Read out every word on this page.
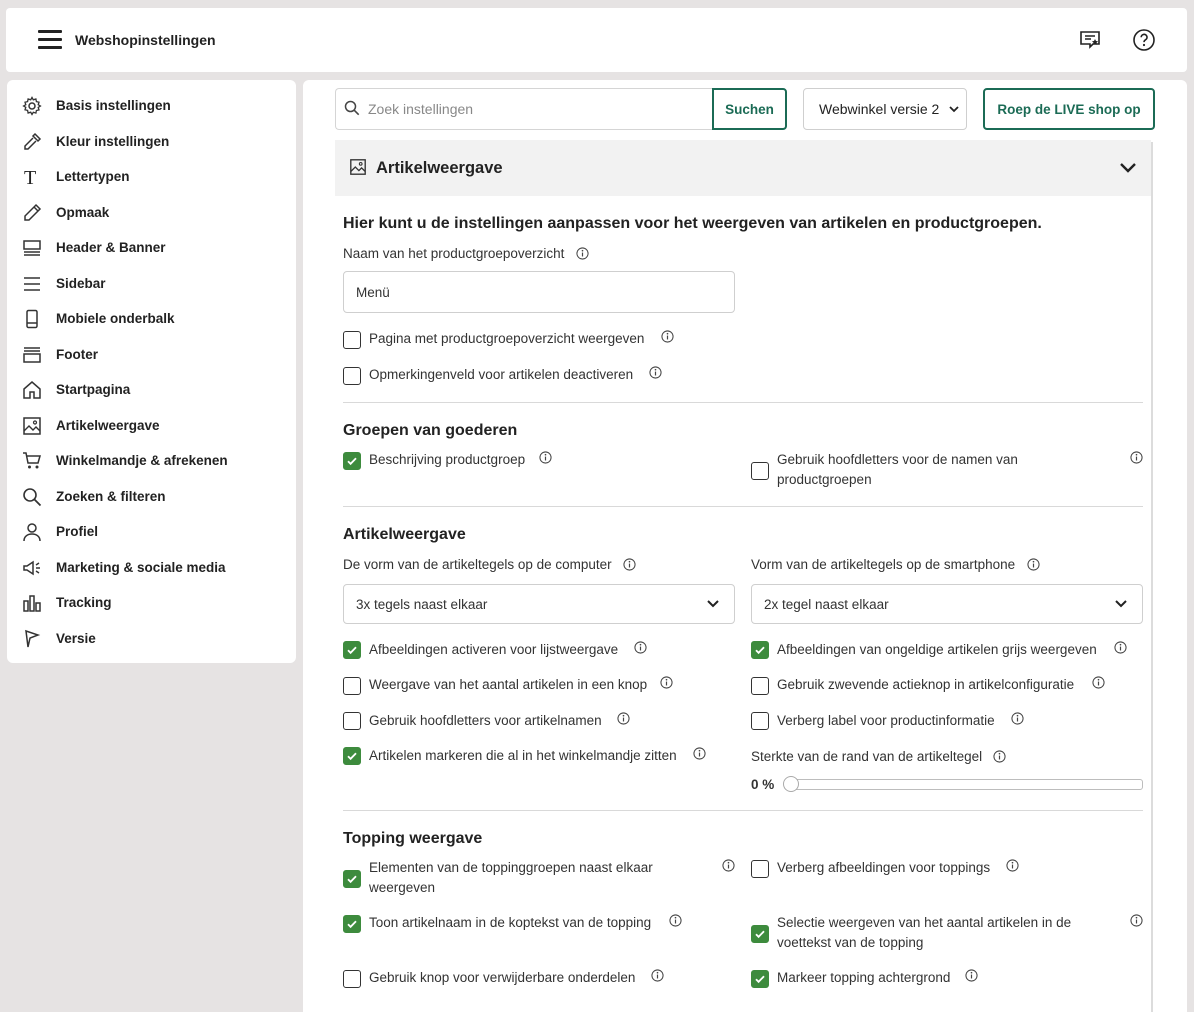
Webshopinstellingen
Basis instellingen
Kleur instellingen
T Lettertypen
Opmaak
Header & Banner
Sidebar
Mobiele onderbalk
Footer
Startpagina
Artikelweergave
Winkelmandje & afrekenen
Zoeken & filteren
Profiel
Marketing & sociale media
Tracking
Versie
Zoek instellingen
Suchen	Webwinkel versie 2	Roep de LIVE shop op
Artikelweergave
Hier kunt u de instellingen aanpassen voor het weergeven van artikelen en productgroepen.
Naam van het productgroepoverzicht
Menü
Pagina met productgroepoverzicht weergeven
Opmerkingenveld voor artikelen deactiveren
Groepen van goederen
Beschrijving productgroep	Gebruik hoofdletters voor de namen van
productgroepen
Artikelweergave
De vorm van de artikeltegels op de computer
3x tegels naast elkaar
Vorm van de artikeltegels op de smartphone
2x tegel naast elkaar
Afbeeldingen activeren voor lijstweergave
Weergave van het aantal artikelen in een knop
Gebruik hoofdletters voor artikelnamen
Artikelen markeren die al in het winkelmandje zitten
Afbeeldingen van ongeldige artikelen grijs weergeven
Gebruik zwevende actieknop in artikelconfiguratie
Verberg label voor productinformatie
Sterkte van de rand van de artikeltegel
0 %
Topping weergave
Elementen van de toppinggroepen naast elkaar
weergeven
Toon artikelnaam in de koptekst van de topping
Gebruik knop voor verwijderbare onderdelen
Verberg afbeeldingen voor toppings
Selectie weergeven van het aantal artikelen in de
voettekst van de topping
Markeer topping achtergrond
